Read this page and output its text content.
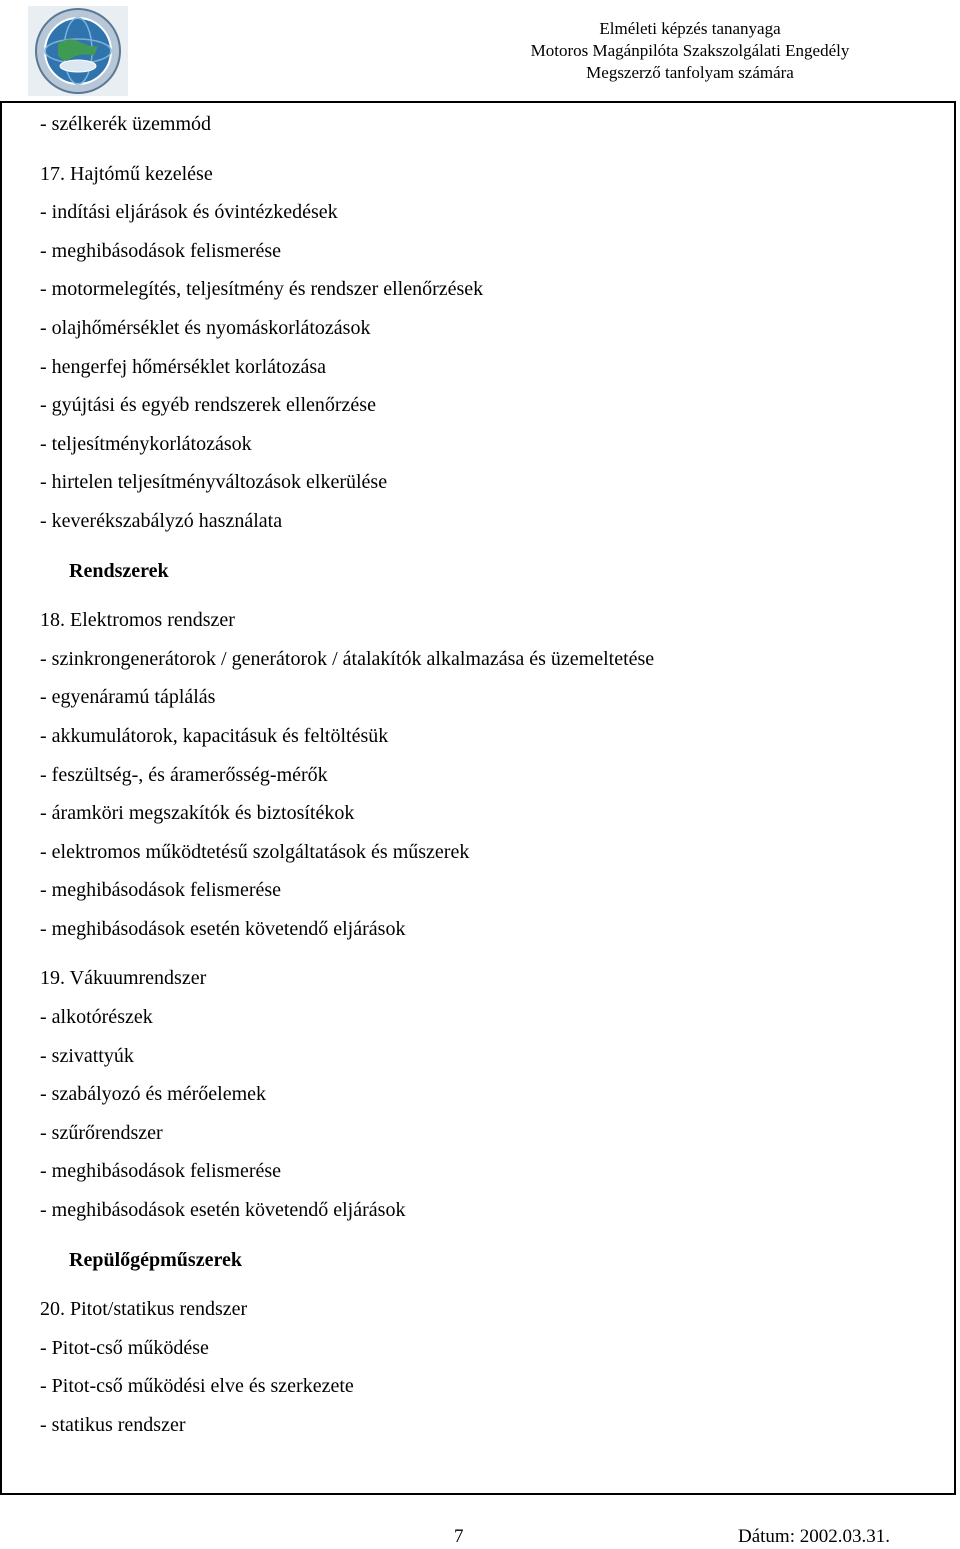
Elméleti képzés tananyaga
Motoros Magánpilóta Szakszolgálati Engedély
Megszerző tanfolyam számára
- szélkerék üzemmód
17. Hajtómű kezelése
- indítási eljárások és óvintézkedések
- meghibásodások felismerése
- motormelegítés, teljesítmény és rendszer ellenőrzések
- olajhőmérséklet és nyomáskorlátozások
- hengerfej hőmérséklet korlátozása
- gyújtási és egyéb rendszerek ellenőrzése
- teljesítménykorlátozások
- hirtelen teljesítményváltozások elkerülése
- keverékszabályzó használata
Rendszerek
18. Elektromos rendszer
- szinkrongenerátorok / generátorok / átalakítók alkalmazása és üzemeltetése
- egyenáramú táplálás
- akkumulátorok, kapacitásuk és feltöltésük
- feszültség-, és áramerősség-mérők
- áramköri megszakítók és biztosítékok
- elektromos működtetésű szolgáltatások és műszerek
- meghibásodások felismerése
- meghibásodások esetén követendő eljárások
19. Vákuumrendszer
- alkotórészek
- szivattyúk
- szabályozó és mérőelemek
- szűrőrendszer
- meghibásodások felismerése
- meghibásodások esetén követendő eljárások
Repülőgépműszerek
20. Pitot/statikus rendszer
- Pitot-cső működése
- Pitot-cső működési elve és szerkezete
- statikus rendszer
7	Dátum: 2002.03.31.
